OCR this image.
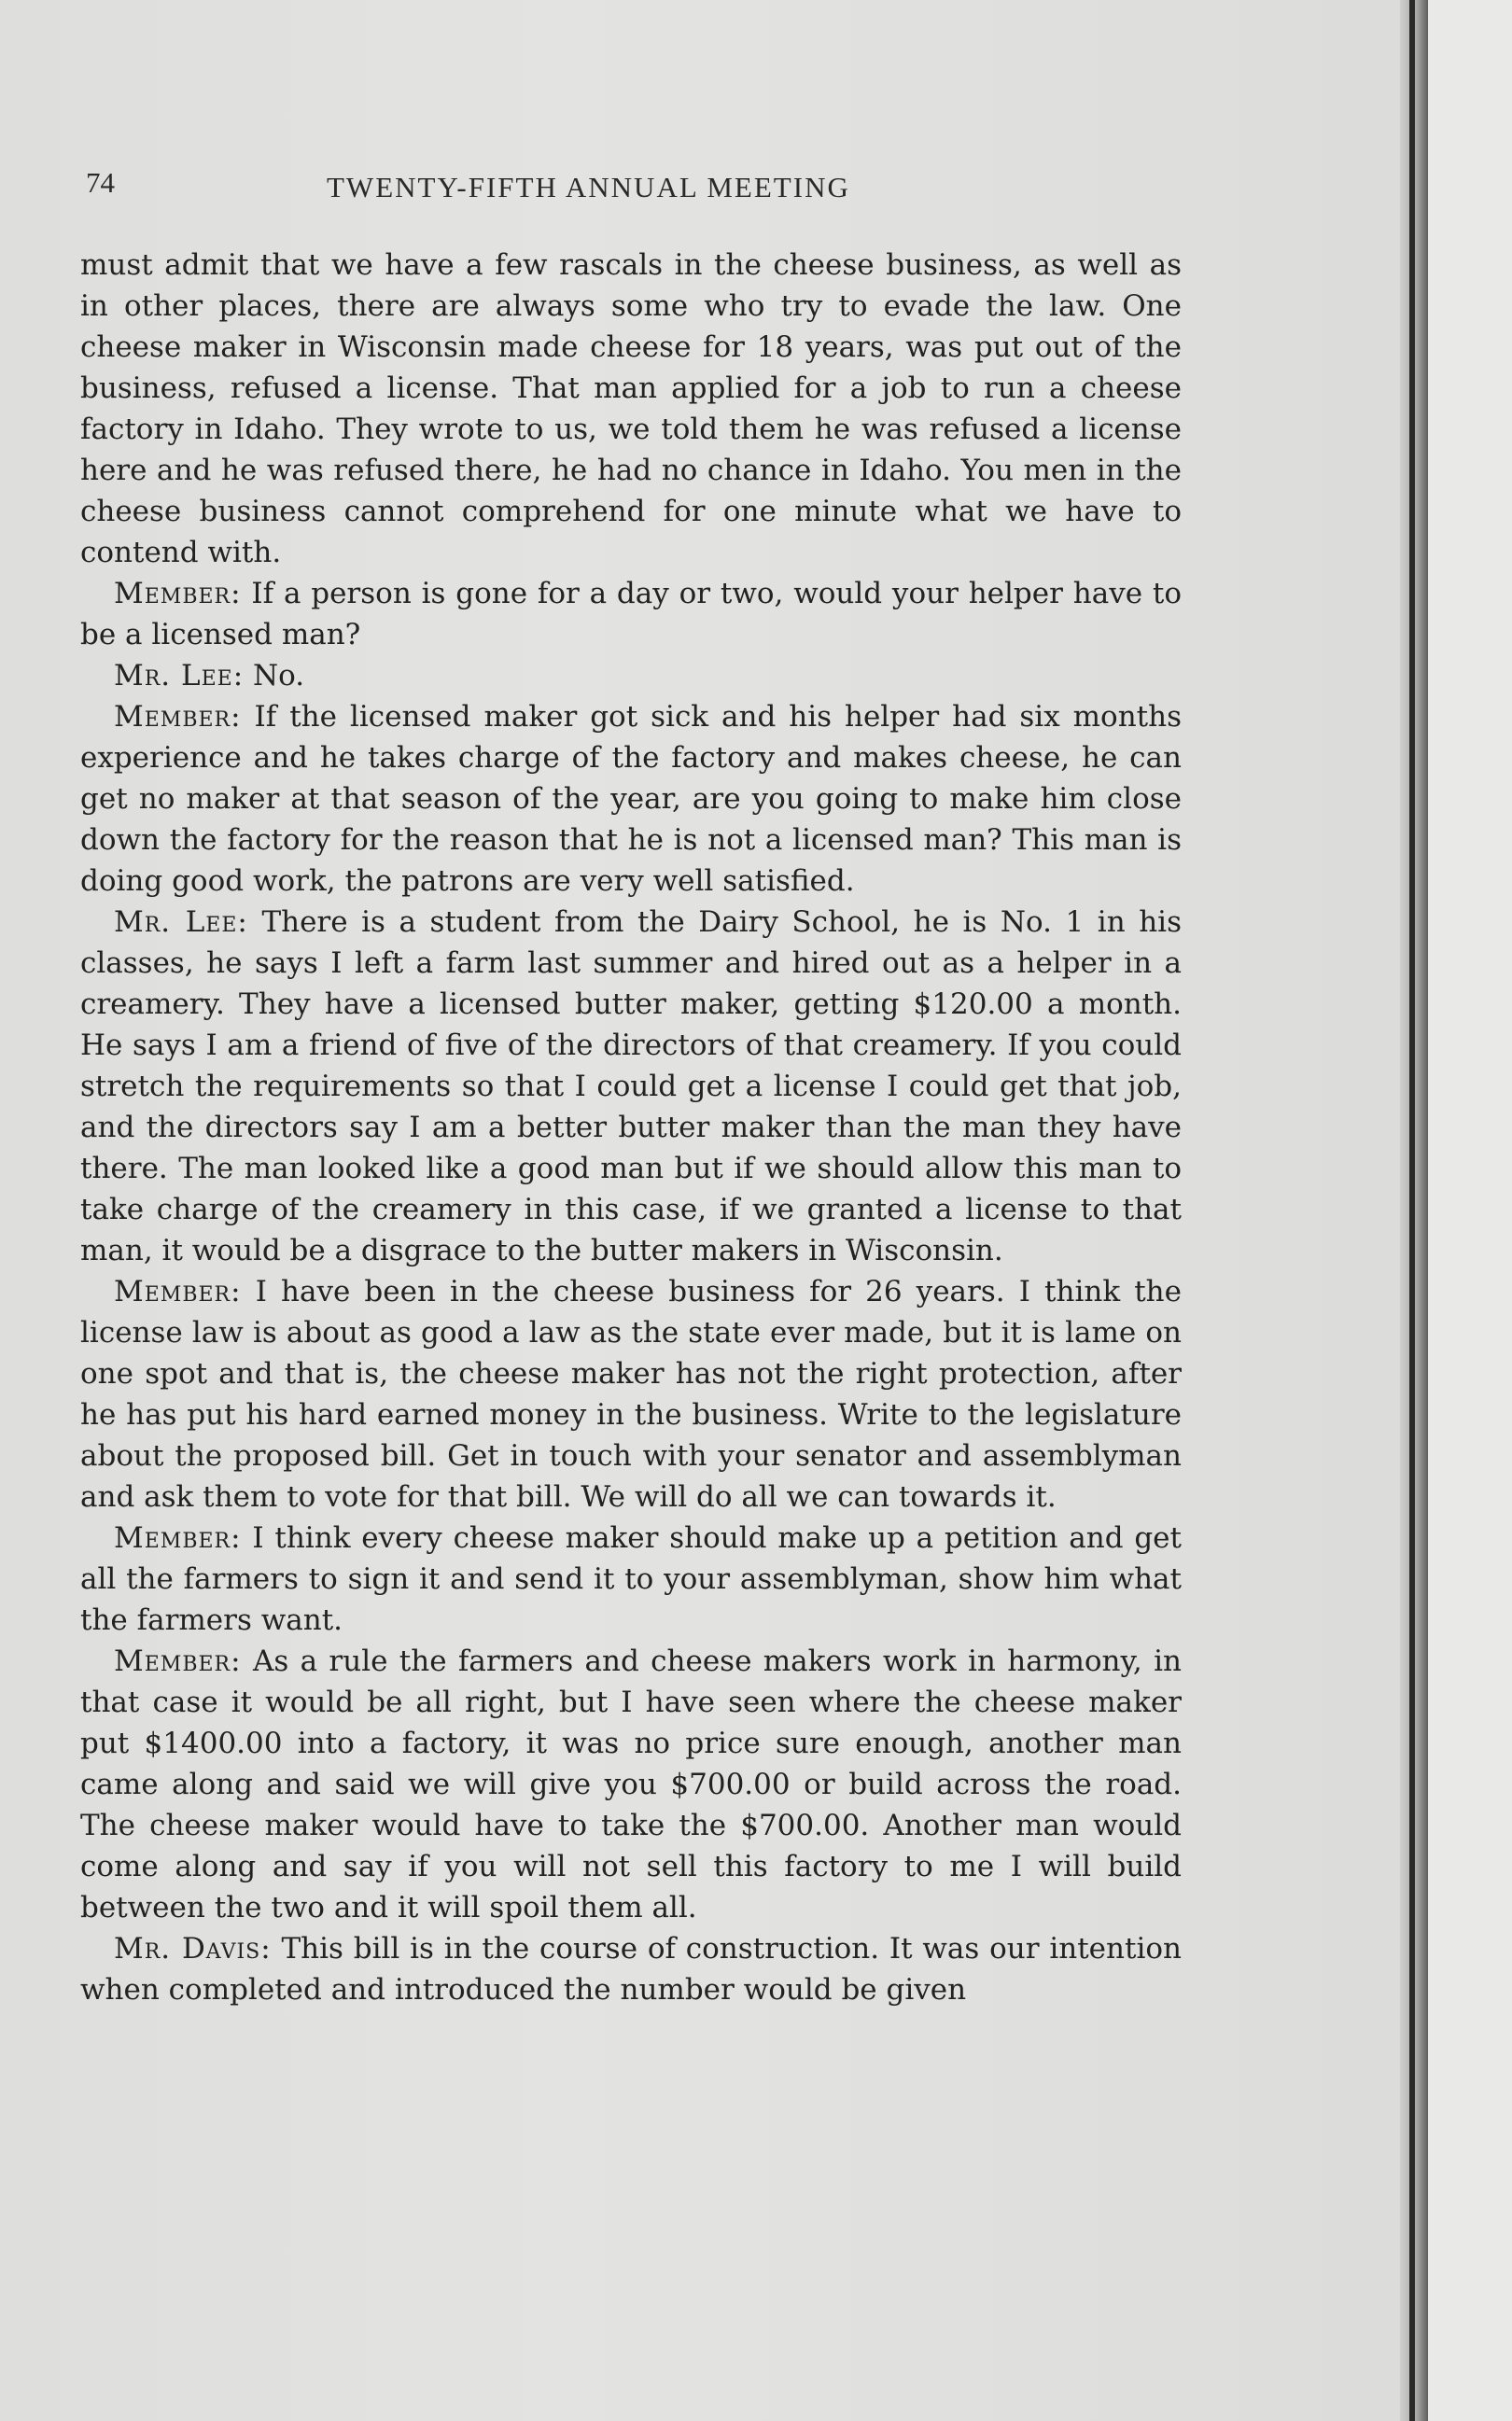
74	TWENTY-FIFTH ANNUAL MEETING

must admit that we have a few rascals in the cheese business, as well as in other places, there are always some who try to evade the law. One cheese maker in Wisconsin made cheese for 18 years, was put out of the business, refused a license. That man applied for a job to run a cheese factory in Idaho. They wrote to us, we told them he was refused a license here and he was refused there, he had no chance in Idaho. You men in the cheese business cannot comprehend for one minute what we have to contend with.

Member: If a person is gone for a day or two, would your helper have to be a licensed man?

Mr. Lee: No.

Member: If the licensed maker got sick and his helper had six months experience and he takes charge of the factory and makes cheese, he can get no maker at that season of the year, are you going to make him close down the factory for the reason that he is not a licensed man? This man is doing good work, the patrons are very well satisfied.

Mr. Lee: There is a student from the Dairy School, he is No. 1 in his classes, he says I left a farm last summer and hired out as a helper in a creamery. They have a licensed butter maker, getting $120.00 a month. He says I am a friend of five of the directors of that creamery. If you could stretch the requirements so that I could get a license I could get that job, and the directors say I am a better butter maker than the man they have there. The man looked like a good man but if we should allow this man to take charge of the creamery in this case, if we granted a license to that man, it would be a disgrace to the butter makers in Wisconsin.

Member: I have been in the cheese business for 26 years. I think the license law is about as good a law as the state ever made, but it is lame on one spot and that is, the cheese maker has not the right protection, after he has put his hard earned money in the business. Write to the legislature about the proposed bill. Get in touch with your senator and assemblyman and ask them to vote for that bill. We will do all we can towards it.

Member: I think every cheese maker should make up a petition and get all the farmers to sign it and send it to your assemblyman, show him what the farmers want.

Member: As a rule the farmers and cheese makers work in harmony, in that case it would be all right, but I have seen where the cheese maker put $1400.00 into a factory, it was no price sure enough, another man came along and said we will give you $700.00 or build across the road. The cheese maker would have to take the $700.00. Another man would come along and say if you will not sell this factory to me I will build between the two and it will spoil them all.

Mr. Davis: This bill is in the course of construction. It was our intention when completed and introduced the number would be given
